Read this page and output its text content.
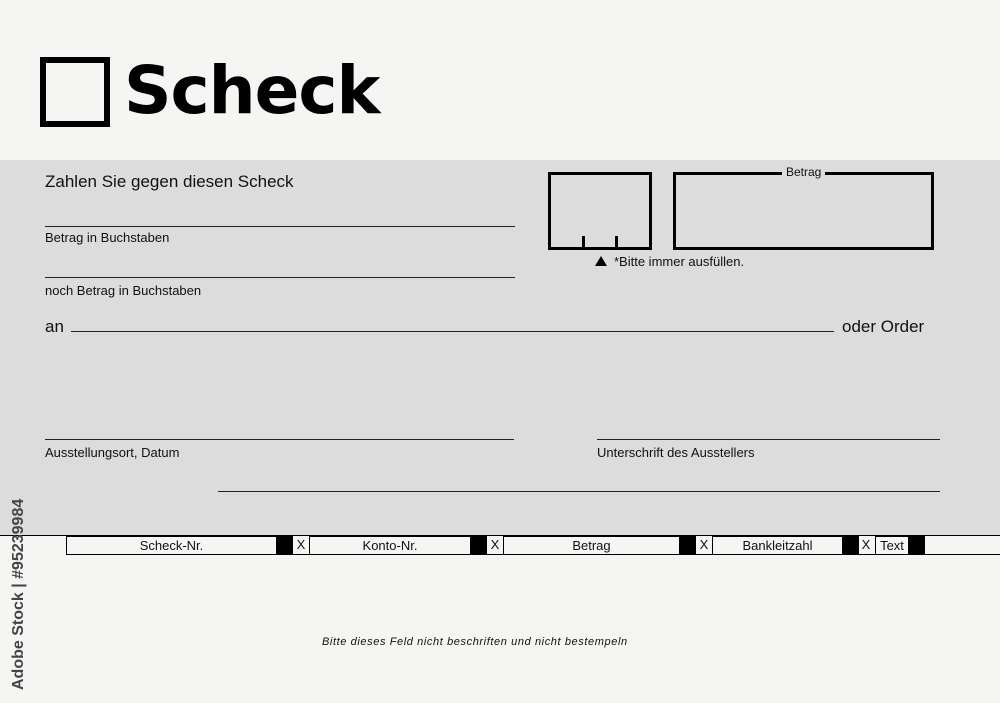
Scheck
Zahlen Sie gegen diesen Scheck
Betrag in Buchstaben
noch Betrag in Buchstaben
an	oder Order
Betrag
*Bitte immer ausfüllen.
Ausstellungsort, Datum	Unterschrift des Ausstellers
Scheck-Nr.	X	Konto-Nr.	X	Betrag	X	Bankleitzahl	X Text
Bitte dieses Feld nicht beschriften und nicht bestempeln
Adobe Stock | #95239984
